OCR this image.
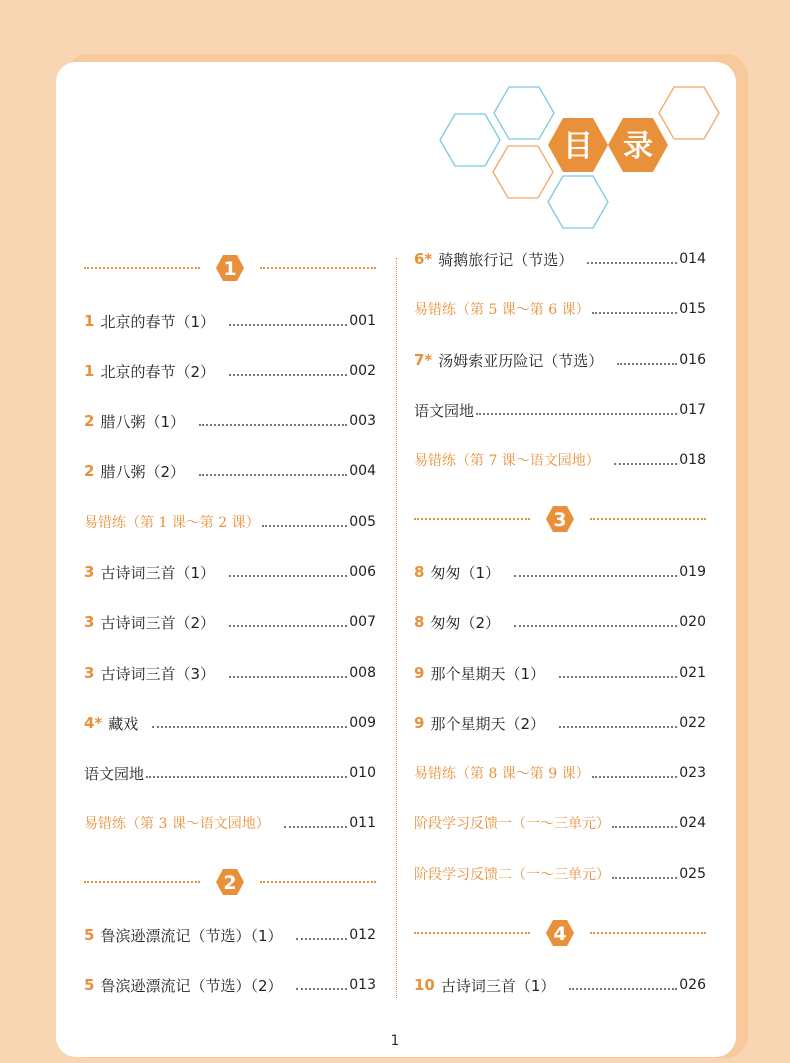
目 录
1
2
3
4
1 北京的春节（1）	001
1 北京的春节（2）	002
2 腊八粥（1）	003
2 腊八粥（2）	004
易错练（第 1 课～第 2 课）	005
3 古诗词三首（1）	006
3 古诗词三首（2）	007
3 古诗词三首（3）	008
4* 藏戏	009
语文园地	010
易错练（第 3 课～语文园地）	011
5 鲁滨逊漂流记（节选）（1）	012
5 鲁滨逊漂流记（节选）（2）	013
6* 骑鹅旅行记（节选）	014
易错练（第 5 课～第 6 课）	015
7* 汤姆索亚历险记（节选）	016
语文园地	017
易错练（第 7 课～语文园地）	018
8 匆匆（1）	019
8 匆匆（2）	020
9 那个星期天（1）	021
9 那个星期天（2）	022
易错练（第 8 课～第 9 课）	023
阶段学习反馈一（一～三单元）	024
阶段学习反馈二（一～三单元）	025
10 古诗词三首（1）	026
1
